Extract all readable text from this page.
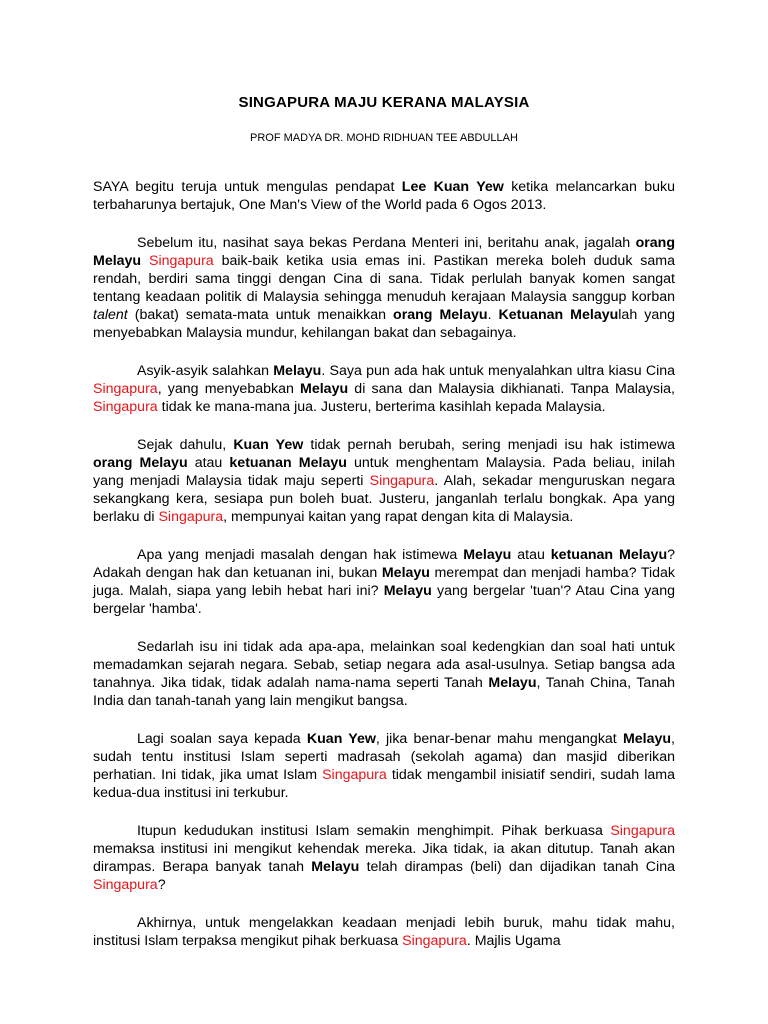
SINGAPURA MAJU KERANA MALAYSIA
PROF MADYA DR. MOHD RIDHUAN TEE ABDULLAH

SAYA begitu teruja untuk mengulas pendapat Lee Kuan Yew ketika melancarkan buku terbaharunya bertajuk, One Man's View of the World pada 6 Ogos 2013.

Sebelum itu, nasihat saya bekas Perdana Menteri ini, beritahu anak, jagalah orang Melayu Singapura baik-baik ketika usia emas ini. Pastikan mereka boleh duduk sama rendah, berdiri sama tinggi dengan Cina di sana. Tidak perlulah banyak komen sangat tentang keadaan politik di Malaysia sehingga menuduh kerajaan Malaysia sanggup korban talent (bakat) semata-mata untuk menaikkan orang Melayu. Ketuanan Melayulah yang menyebabkan Malaysia mundur, kehilangan bakat dan sebagainya.

Asyik-asyik salahkan Melayu. Saya pun ada hak untuk menyalahkan ultra kiasu Cina Singapura, yang menyebabkan Melayu di sana dan Malaysia dikhianati. Tanpa Malaysia, Singapura tidak ke mana-mana jua. Justeru, berterima kasihlah kepada Malaysia.

Sejak dahulu, Kuan Yew tidak pernah berubah, sering menjadi isu hak istimewa orang Melayu atau ketuanan Melayu untuk menghentam Malaysia. Pada beliau, inilah yang menjadi Malaysia tidak maju seperti Singapura. Alah, sekadar menguruskan negara sekangkang kera, sesiapa pun boleh buat. Justeru, janganlah terlalu bongkak. Apa yang berlaku di Singapura, mempunyai kaitan yang rapat dengan kita di Malaysia.

Apa yang menjadi masalah dengan hak istimewa Melayu atau ketuanan Melayu? Adakah dengan hak dan ketuanan ini, bukan Melayu merempat dan menjadi hamba? Tidak juga. Malah, siapa yang lebih hebat hari ini? Melayu yang bergelar 'tuan'? Atau Cina yang bergelar 'hamba'.

Sedarlah isu ini tidak ada apa-apa, melainkan soal kedengkian dan soal hati untuk memadamkan sejarah negara. Sebab, setiap negara ada asal-usulnya. Setiap bangsa ada tanahnya. Jika tidak, tidak adalah nama-nama seperti Tanah Melayu, Tanah China, Tanah India dan tanah-tanah yang lain mengikut bangsa.

Lagi soalan saya kepada Kuan Yew, jika benar-benar mahu mengangkat Melayu, sudah tentu institusi Islam seperti madrasah (sekolah agama) dan masjid diberikan perhatian. Ini tidak, jika umat Islam Singapura tidak mengambil inisiatif sendiri, sudah lama kedua-dua institusi ini terkubur.

Itupun kedudukan institusi Islam semakin menghimpit. Pihak berkuasa Singapura memaksa institusi ini mengikut kehendak mereka. Jika tidak, ia akan ditutup. Tanah akan dirampas. Berapa banyak tanah Melayu telah dirampas (beli) dan dijadikan tanah Cina Singapura?

Akhirnya, untuk mengelakkan keadaan menjadi lebih buruk, mahu tidak mahu, institusi Islam terpaksa mengikut pihak berkuasa Singapura. Majlis Ugama
